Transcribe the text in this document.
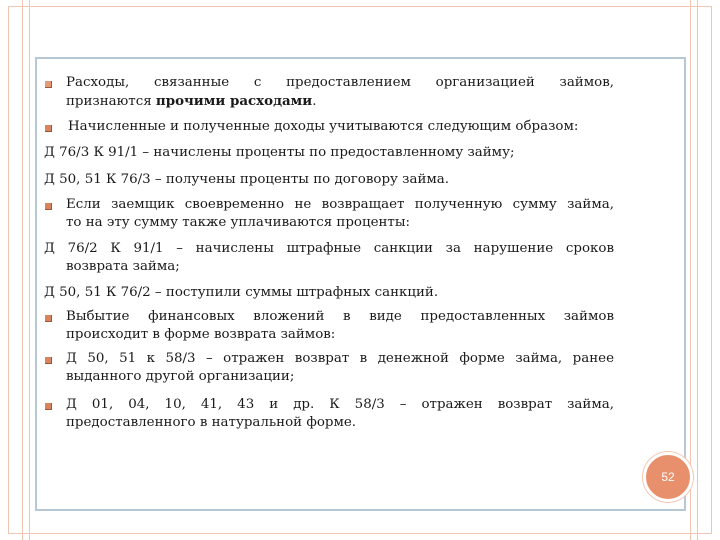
Расходы, связанные с предоставлением организацией займов,
признаются прочими расходами.
Начисленные и полученные доходы учитываются следующим образом:
Д 76/3 К 91/1 – начислены проценты по предоставленному займу;
Д 50, 51 К 76/3 – получены проценты по договору займа.
Если заемщик своевременно не возвращает полученную сумму займа,
то на эту сумму также уплачиваются проценты:
Д 76/2 К 91/1 – начислены штрафные санкции за нарушение сроков
возврата займа;
Д 50, 51 К 76/2 – поступили суммы штрафных санкций.
Выбытие финансовых вложений в виде предоставленных займов
происходит в форме возврата займов:
Д 50, 51 к 58/3 – отражен возврат в денежной форме займа, ранее
выданного другой организации;
Д 01, 04, 10, 41, 43 и др. К 58/3 – отражен возврат займа,
предоставленного в натуральной форме.
52
